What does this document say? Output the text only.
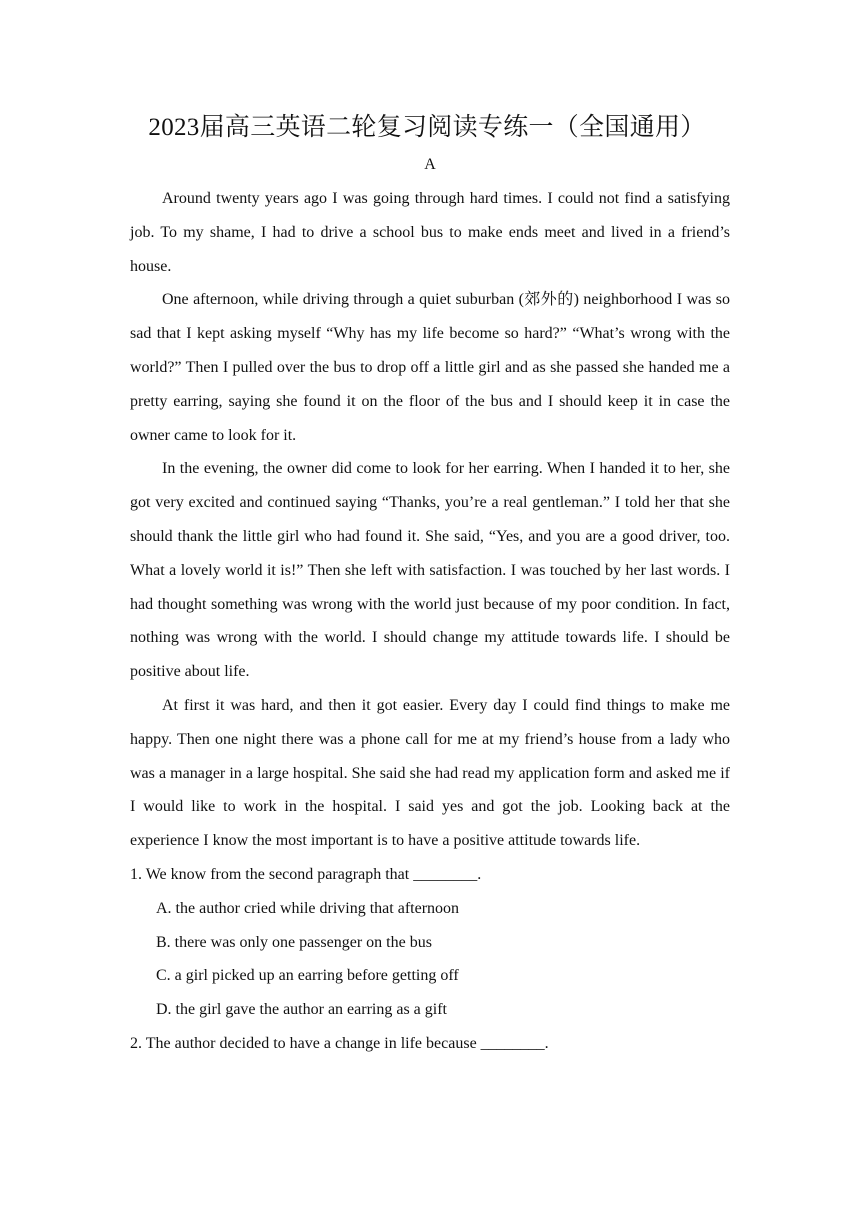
2023届高三英语二轮复习阅读专练一（全国通用）
A

Around twenty years ago I was going through hard times. I could not find a satisfying job. To my shame, I had to drive a school bus to make ends meet and lived in a friend’s house.

One afternoon, while driving through a quiet suburban (郊外的) neighborhood I was so sad that I kept asking myself “Why has my life become so hard?” “What’s wrong with the world?” Then I pulled over the bus to drop off a little girl and as she passed she handed me a pretty earring, saying she found it on the floor of the bus and I should keep it in case the owner came to look for it.

In the evening, the owner did come to look for her earring. When I handed it to her, she got very excited and continued saying “Thanks, you’re a real gentleman.” I told her that she should thank the little girl who had found it. She said, “Yes, and you are a good driver, too. What a lovely world it is!” Then she left with satisfaction. I was touched by her last words. I had thought something was wrong with the world just because of my poor condition. In fact, nothing was wrong with the world. I should change my attitude towards life. I should be positive about life.

At first it was hard, and then it got easier. Every day I could find things to make me happy. Then one night there was a phone call for me at my friend’s house from a lady who was a manager in a large hospital. She said she had read my application form and asked me if I would like to work in the hospital. I said yes and got the job. Looking back at the experience I know the most important is to have a positive attitude towards life.

1. We know from the second paragraph that ________.

A. the author cried while driving that afternoon

B. there was only one passenger on the bus

C. a girl picked up an earring before getting off

D. the girl gave the author an earring as a gift

2. The author decided to have a change in life because ________.
